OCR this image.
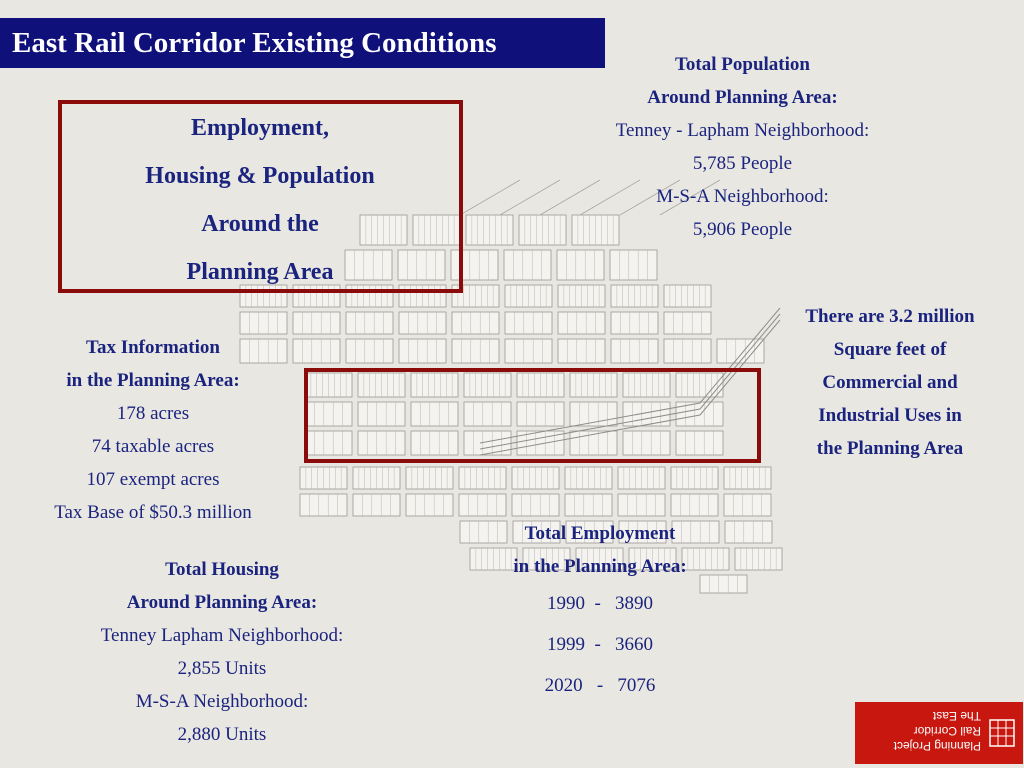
East Rail Corridor Existing Conditions
Employment,
Housing & Population
Around the
Planning Area
Total Population
Around Planning Area:
Tenney - Lapham Neighborhood:
5,785 People
M-S-A Neighborhood:
5,906 People
There are 3.2 million
Square feet of
Commercial and
Industrial Uses in
the Planning Area
Tax Information
in the Planning Area:
178 acres
74 taxable acres
107 exempt acres
Tax Base of $50.3 million
Total Employment
in the Planning Area:
1990  -   3890
1999  -   3660
2020   -   7076
Total Housing
Around Planning Area:
Tenney Lapham Neighborhood:
2,855 Units
M-S-A Neighborhood:
2,880 Units
Planning Project
Rail Corridor
The East
